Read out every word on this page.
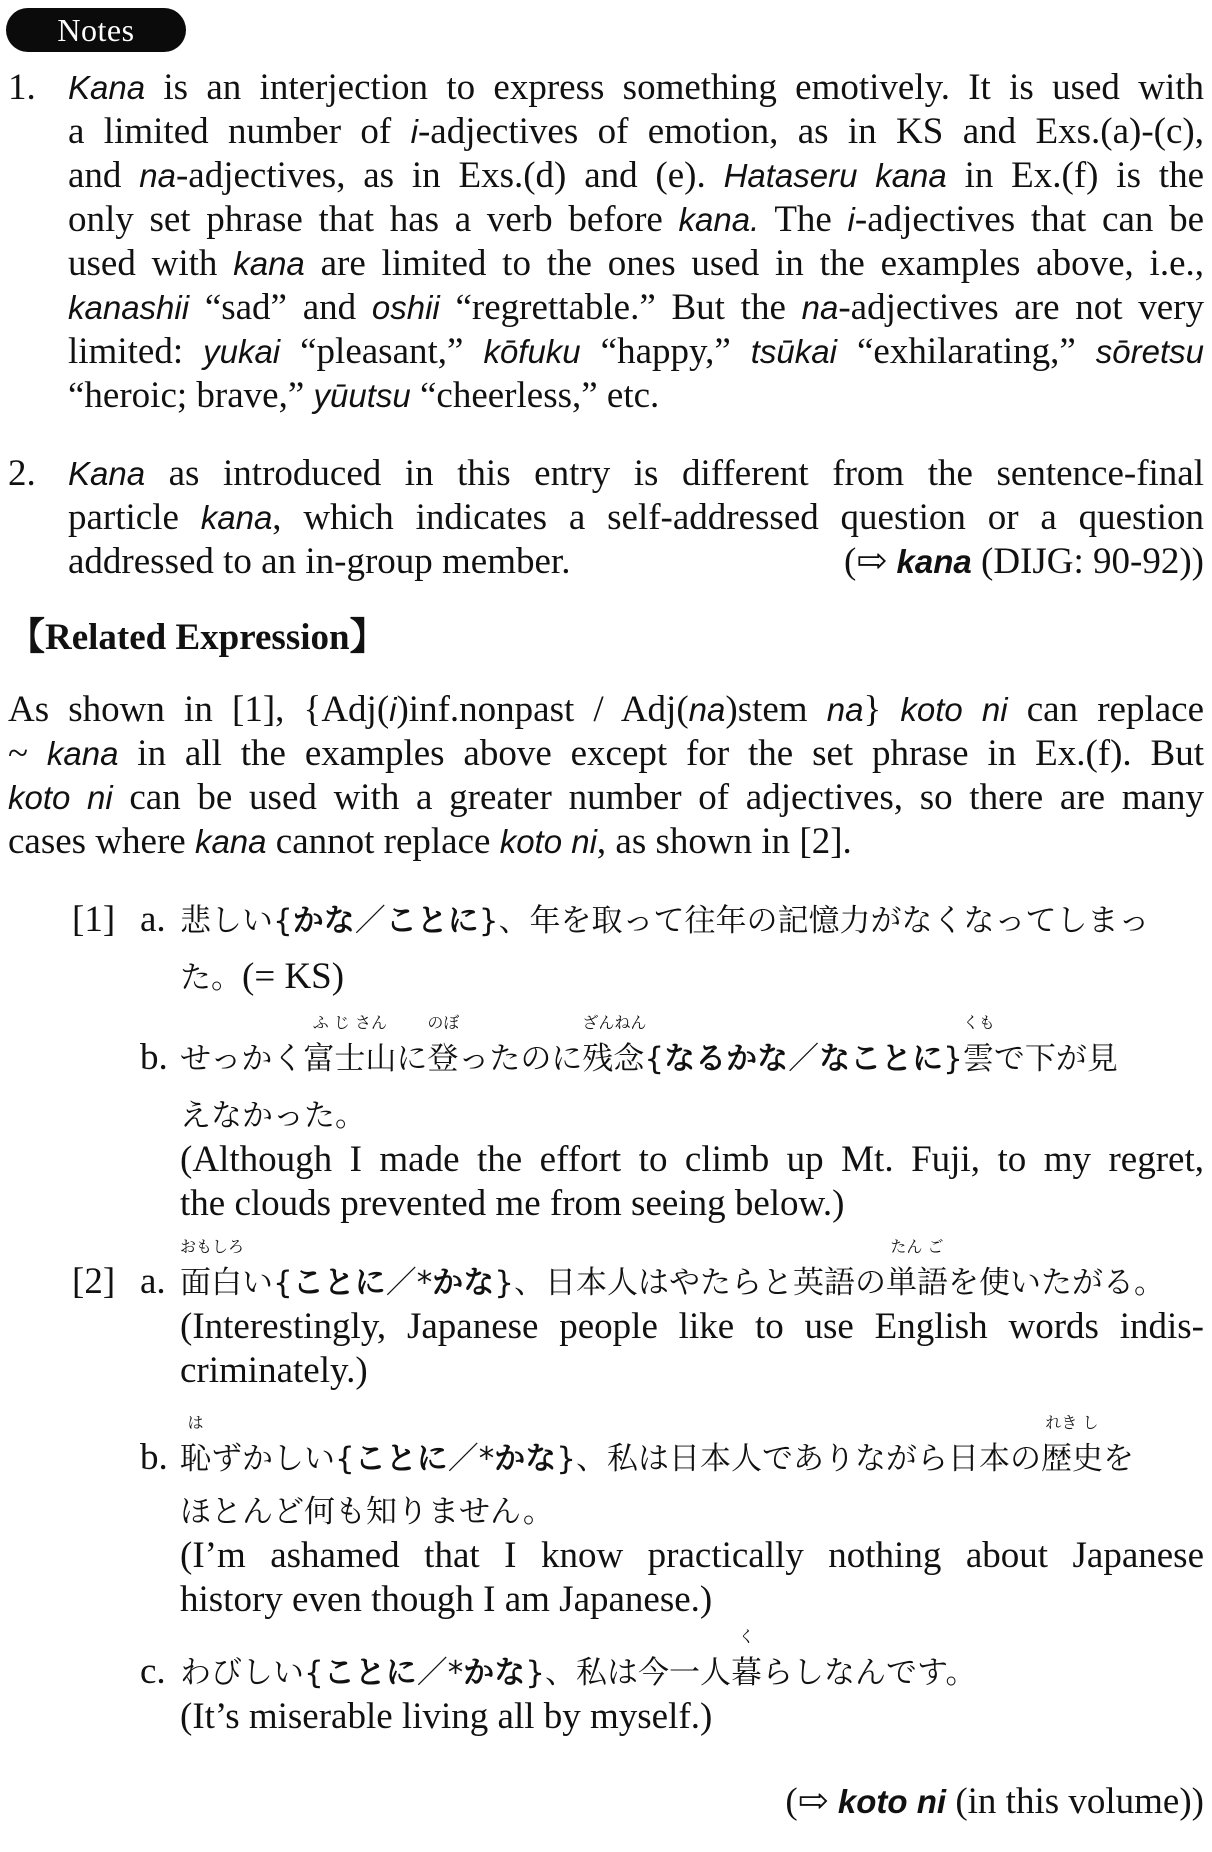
Notes
1. Kana is an interjection to express something emotively. It is used with
a limited number of i-adjectives of emotion, as in KS and Exs.(a)-(c),
and na-adjectives, as in Exs.(d) and (e). Hataseru kana in Ex.(f) is the
only set phrase that has a verb before kana. The i-adjectives that can be
used with kana are limited to the ones used in the examples above, i.e.,
kanashii “sad” and oshii “regrettable.” But the na-adjectives are not very
limited: yukai “pleasant,” kōfuku “happy,” tsūkai “exhilarating,” sōretsu
“heroic; brave,” yūutsu “cheerless,” etc.
2. Kana as introduced in this entry is different from the sentence-final
particle kana, which indicates a self-addressed question or a question
addressed to an in-group member.	(⇨ kana (DIJG: 90-92))
【Related Expression】
As shown in [1], {Adj(i)inf.nonpast / Adj(na)stem na} koto ni can replace
~ kana in all the examples above except for the set phrase in Ex.(f). But
koto ni can be used with a greater number of adjectives, so there are many
cases where kana cannot replace koto ni, as shown in [2].
[1] a. 悲しい{かな／ことに}、年を取って往年の記憶力がなくなってしまっ
た。(= KS)
b. せっかく富士山
ふ じ さん
に登
のぼ
ったのに残念
ざんねん
{なるかな／なことに}雲
くも
で下が見
えなかった。
(Although I made the effort to climb up Mt. Fuji, to my regret,
the clouds prevented me from seeing below.)
[2] a. 面白
おもしろ
い{ことに／*かな}、日本人はやたらと英語の単語
たん ご
を使いたがる。
(Interestingly, Japanese people like to use English words indis-
criminately.)
b. 恥
は
ずかしい{ことに／*かな}、私は日本人でありながら日本の歴史
れき し
を
ほとんど何も知りません。
(I’m ashamed that I know practically nothing about Japanese
history even though I am Japanese.)
c. わびしい{ことに／*かな}、私は今一人暮
く
らしなんです。
(It’s miserable living all by myself.)
(⇨ koto ni (in this volume))
